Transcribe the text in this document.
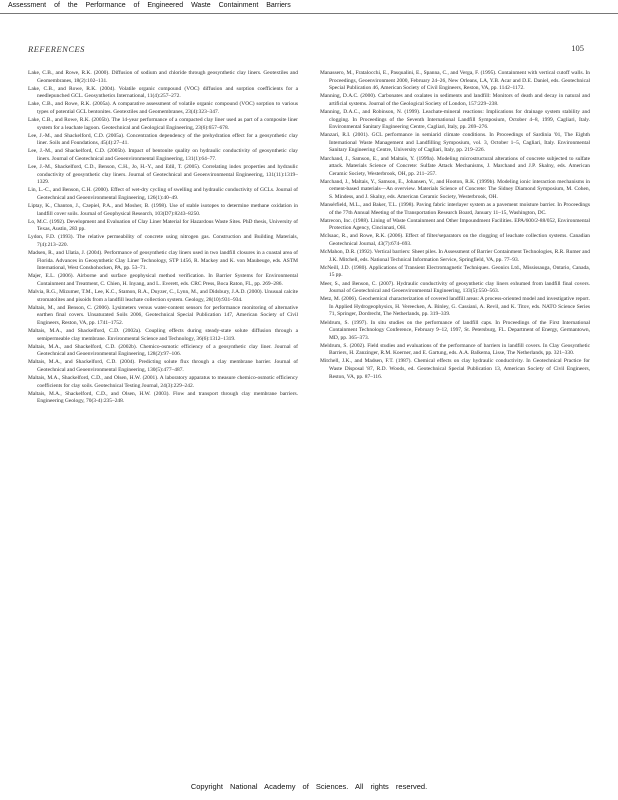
Assessment of the Performance of Engineered Waste Containment Barriers
REFERENCES	105

Lake, C.B., and Rowe, R.K. (2000). Diffusion of sodium and chloride through geosynthetic clay liners. Geotextiles and Geomembranes, 18(2):102–131.

Lake, C.B., and Rowe, R.K. (2004). Volatile organic compound (VOC) diffusion and sorption coefficients for a needlepunched GCL. Geosynthetics International, 11(4):257–272.

Lake, C.B., and Rowe, R.K. (2005a). A comparative assessment of volatile organic compound (VOC) sorption to various types of potential GCL bentonites. Geotextiles and Geomembranes, 23(4):323–347.

Lake, C.B., and Rowe, R.K. (2005b). The 14-year performance of a compacted clay liner used as part of a composite liner system for a leachate lagoon. Geotechnical and Geological Engineering, 23(6):657–678.

Lee, J.-M., and Shackelford, C.D. (2005a). Concentration dependency of the prehydration effect for a geosynthetic clay liner. Soils and Foundations, 45(4):27–41.

Lee, J.-M., and Shackelford, C.D. (2005b). Impact of bentonite quality on hydraulic conductivity of geosynthetic clay liners. Journal of Geotechnical and Geoenvironmental Engineering, 131(1):64–77.

Lee, J.-M., Shackelford, C.D., Benson, C.H., Jo, H.-Y., and Edil, T. (2005). Correlating index properties and hydraulic conductivity of geosynthetic clay liners. Journal of Geotechnical and Geoenvironmental Engineering, 131(11):1319–1329.

Lin, L.-C., and Benson, C.H. (2000). Effect of wet-dry cycling of swelling and hydraulic conductivity of GCLs. Journal of Geotechnical and Geoenvironmental Engineering, 126(1):40–49.

Liptay, K., Chanton, J., Czepiel, P.A., and Mosher, B. (1998). Use of stable isotopes to determine methane oxidation in landfill cover soils. Journal of Geophysical Research, 103(D7):8243–8250.

Lo, M.C. (1992). Development and Evaluation of Clay Liner Material for Hazardous Waste Sites. PhD thesis, University of Texas, Austin, 283 pp.

Lydon, F.D. (1993). The relative permeability of concrete using nitrogen gas. Construction and Building Materials, 7(4):213–220.

Madsen, R., and Ulatia, J. (2004). Performance of geosynthetic clay liners used in two landfill closures in a coastal area of Florida. Advances in Geosynthetic Clay Liner Technology, STP 1456, R. Mackey and K. von Maubeuge, eds. ASTM International, West Conshohocken, PA, pp. 53–71.

Majer, E.L. (2006). Airborne and surface geophysical method verification. In Barrier Systems for Environmental Containment and Treatment, C. Chien, H. Inyang, and L. Everett, eds. CRC Press, Boca Raton, FL, pp. 269–286.

Malvia, R.G., Mizumer, T.M., Lee, K.C., Stamon, R.A., Duyzer, C., Lynn, M., and Didsbury, J.A.D. (2000). Unusual calcite stromatolites and pisoids from a landfill leachate collection system. Geology, 28(10):931–934.

Maltais, M., and Benson, C. (2006). Lysimeters versus water-content sensors for performance monitoring of alternative earthen final covers. Unsaturated Soils 2006, Geotechnical Special Publication 147, American Society of Civil Engineers, Reston, VA, pp. 1741–1752.

Maltais, M.A., and Shackelford, C.D. (2002a). Coupling effects during steady-state solute diffusion through a semipermeable clay membrane. Environmental Science and Technology, 36(6):1312–1319.

Maltais, M.A., and Shackelford, C.D. (2002b). Chemico-osmotic efficiency of a geosynthetic clay liner. Journal of Geotechnical and Geoenvironmental Engineering, 128(2):97–106.

Maltais, M.A., and Shackelford, C.D. (2004). Predicting solute flux through a clay membrane barrier. Journal of Geotechnical and Geoenvironmental Engineering, 130(5):477–487.

Maltais, M.A., Shackelford, C.D., and Olsen, H.W. (2001). A laboratory apparatus to measure chemico-osmotic efficiency coefficients for clay soils. Geotechnical Testing Journal, 24(3):229–242.

Maltais, M.A., Shackelford, C.D., and Olsen, H.W. (2003). Flow and transport through clay membrane barriers. Engineering Geology, 70(3-4):235–248.

Manassero, M., Fratalocchi, E., Pasqualini, E., Spanna, C., and Verga, F. (1995). Containment with vertical cutoff walls. In Proceedings, Geoenvironment 2000, February 24–26, New Orleans, LA, Y.B. Acar and D.E. Daniel, eds. Geotechnical Special Publication 46, American Society of Civil Engineers, Reston, VA, pp. 1142–1172.

Manning, D.A.C. (2000). Carbonates and oxalates in sediments and landfill: Monitors of death and decay in natural and artificial systems. Journal of the Geological Society of London, 157:229–238.

Manning, D.A.C., and Robinson, N. (1999). Leachate-mineral reactions: Implications for drainage system stability and clogging. In Proceedings of the Seventh International Landfill Symposium, October 4–8, 1999, Cagliari, Italy. Environmental Sanitary Engineering Centre, Cagliari, Italy, pp. 269–276.

Manzari, R.I. (2001). GCL performance in semiarid climate conditions. In Proceedings of Sardinia '01, The Eighth International Waste Management and Landfilling Symposium, vol. 3, October 1–5, Cagliari, Italy. Environmental Sanitary Engineering Centre, University of Cagliari, Italy, pp. 219–226.

Marchand, J., Samson, E., and Maltais, Y. (1999a). Modeling microstructural alterations of concrete subjected to sulfate attack. Materials Science of Concrete: Sulfate Attack Mechanisms, J. Marchand and J.P. Skalny, eds. American Ceramic Society, Westerbrook, OH, pp. 211–257.

Marchand, J., Maltais, Y., Samson, E., Johansen, V., and Hooton, R.K. (1999b). Modeling ionic interaction mechanisms in cement-based materials—An overview. Materials Science of Concrete: The Sidney Diamond Symposium, M. Cohen, S. Mindess, and J. Skalny, eds. American Ceramic Society, Westerbrook, OH.

Mansérfield, M.L., and Baker, T.L. (1998). Paving fabric interlayer system as a pavement moisture barrier. In Proceedings of the 77th Annual Meeting of the Transportation Research Board, January 11–15, Washington, DC.

Matrecon, Inc. (1988). Lining of Waste Containment and Other Impoundment Facilities. EPA/600/2-88/052, Environmental Protection Agency, Cincinnati, OH.

McIsaac, R., and Rowe, R.K. (2006). Effect of filter/separators on the clogging of leachate collection systems. Canadian Geotechnical Journal, 43(7):674–693.

McMahon, D.R. (1992). Vertical barriers: Sheet piles. In Assessment of Barrier Containment Technologies, R.R. Rumer and J.K. Mitchell, eds. National Technical Information Service, Springfield, VA, pp. 77–93.

McNeill, J.D. (1980). Applications of Transient Electromagnetic Techniques. Geonics Ltd., Mississauga, Ontario, Canada, 15 pp.

Meer, S., and Benson, C. (2007). Hydraulic conductivity of geosynthetic clay liners exhumed from landfill final covers. Journal of Geotechnical and Geoenvironmental Engineering, 133(5):550–563.

Metz, M. (2006). Geochemical characterization of covered landfill areas: A process-oriented model and investigative report. In Applied Hydrogeophysics, H. Vereecken, A. Binley, G. Cassiani, A. Revil, and K. Titov, eds. NATO Science Series 71, Springer, Dordrecht, The Netherlands, pp. 319–339.

Meldrum, S. (1997). In situ studies on the performance of landfill caps. In Proceedings of the First International Containment Technology Conference, February 9–12, 1997, St. Petersburg, FL. Department of Energy, Germantown, MD, pp. 365–373.

Meldrum, S. (2002). Field studies and evaluations of the performance of barriers in landfill covers. In Clay Geosynthetic Barriers, H. Zanzinger, R.M. Koerner, and E. Gartung, eds. A.A. Balkema, Lisse, The Netherlands, pp. 321–330.

Mitchell, J.K., and Madsen, F.T. (1987). Chemical effects on clay hydraulic conductivity. In Geotechnical Practice for Waste Disposal '87, R.D. Woods, ed. Geotechnical Special Publication 13, American Society of Civil Engineers, Reston, VA, pp. 87–116.

Copyright National Academy of Sciences. All rights reserved.
